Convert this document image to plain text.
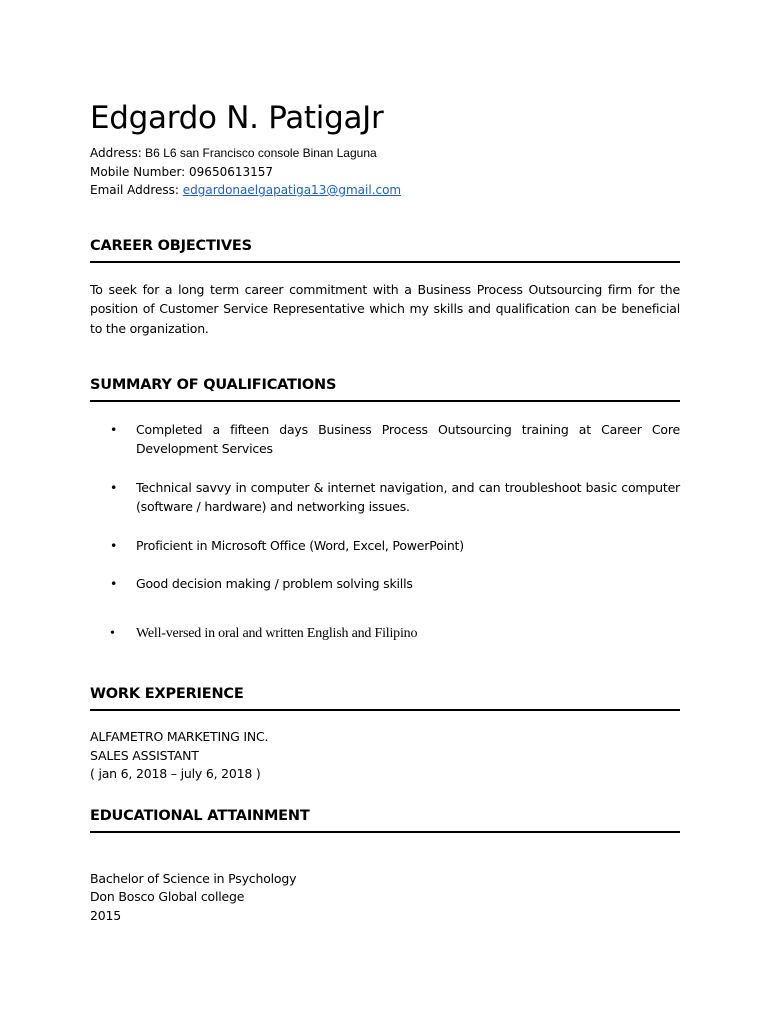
Edgardo N. PatigaJr
Address: B6 L6 san Francisco console Binan Laguna
Mobile Number: 09650613157
Email Address: edgardonaelgapatiga13@gmail.com
CAREER OBJECTIVES

To seek for a long term career commitment with a Business Process Outsourcing firm for the position of Customer Service Representative which my skills and qualification can be beneficial to the organization.

SUMMARY OF QUALIFICATIONS
• Completed a fifteen days Business Process Outsourcing training at Career Core Development Services
• Technical savvy in computer & internet navigation, and can troubleshoot basic computer (software / hardware) and networking issues.
• Proficient in Microsoft Office (Word, Excel, PowerPoint)
• Good decision making / problem solving skills
• Well-versed in oral and written English and Filipino
WORK EXPERIENCE
ALFAMETRO MARKETING INC.
SALES ASSISTANT
( jan 6, 2018 – july 6, 2018 )
EDUCATIONAL ATTAINMENT
Bachelor of Science in Psychology
Don Bosco Global college
2015
